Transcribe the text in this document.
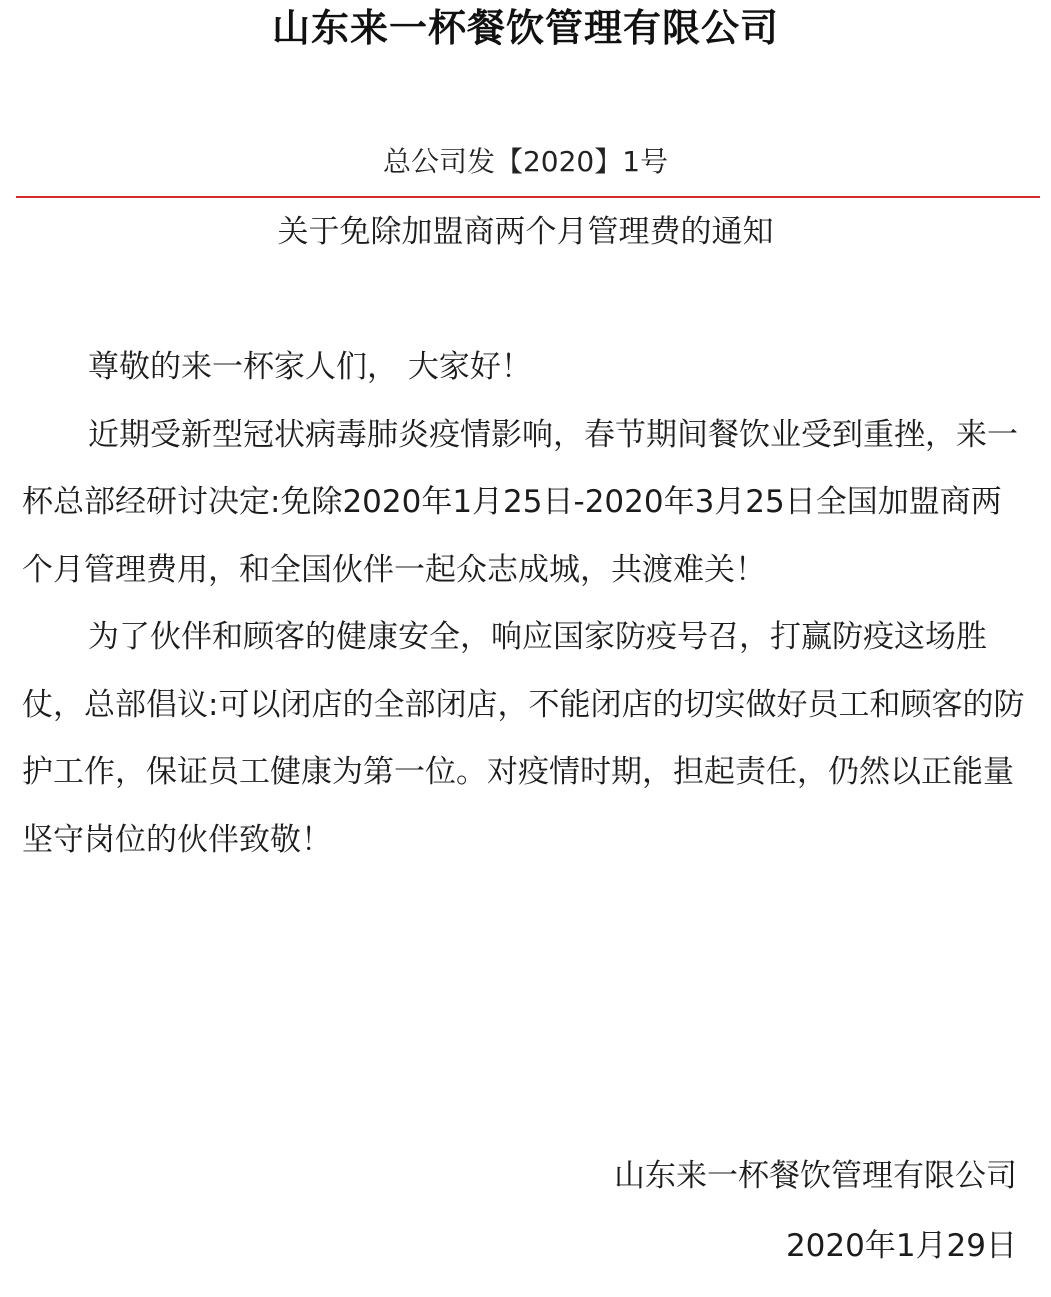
山东来一杯餐饮管理有限公司
总公司发【2020】1号
关于免除加盟商两个月管理费的通知

尊敬的来一杯家人们， 大家好！

近期受新型冠状病毒肺炎疫情影响，春节期间餐饮业受到重挫，来一杯总部经研讨决定:免除2020年1月25日-2020年3月25日全国加盟商两个月管理费用，和全国伙伴一起众志成城，共渡难关！

为了伙伴和顾客的健康安全，响应国家防疫号召，打赢防疫这场胜仗，总部倡议:可以闭店的全部闭店，不能闭店的切实做好员工和顾客的防护工作，保证员工健康为第一位。对疫情时期，担起责任，仍然以正能量坚守岗位的伙伴致敬！

山东来一杯餐饮管理有限公司
2020年1月29日
